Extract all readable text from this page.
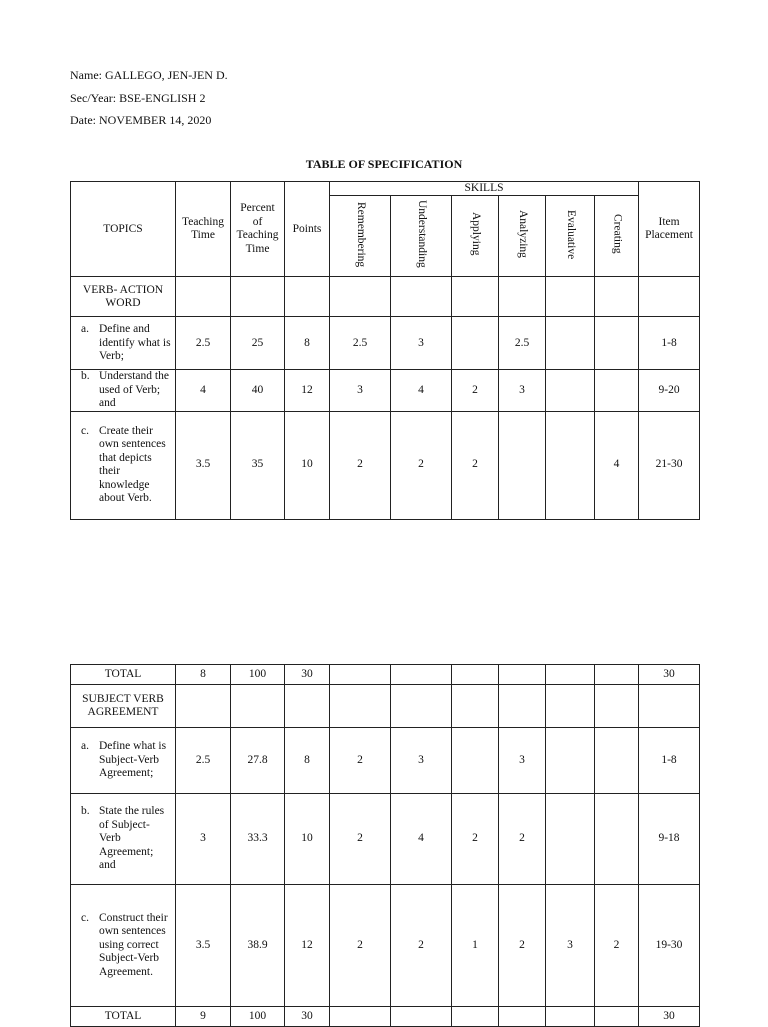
Name: GALLEGO, JEN-JEN D.
Sec/Year: BSE-ENGLISH 2
Date: NOVEMBER 14, 2020
TABLE OF SPECIFICATION
TOPICS	Teaching Time	Percent of Teaching Time	Points	SKILLS						Item Placement
				Remembering	Understanding	Applying	Analyzing	Evaluative	Creating	
VERB- ACTION WORD										

a. Define and identify what is Verb;	2.5	25	8	2.5	3		2.5			1-8

b. Understand the used of Verb; and	4	40	12	3	4	2	3			9-20

c. Create their own sentences that depicts their knowledge about Verb.	3.5	35	10	2	2	2			4	21-30
TOTAL	8	100	30							30
SUBJECT VERB AGREEMENT										

a. Define what is Subject-Verb Agreement;	2.5	27.8	8	2	3		3			1-8

b. State the rules of Subject-Verb Agreement; and	3	33.3	10	2	4	2	2			9-18

c. Construct their own sentences using correct Subject-Verb Agreement.	3.5	38.9	12	2	2	1	2	3	2	19-30
TOTAL	9	100	30							30
